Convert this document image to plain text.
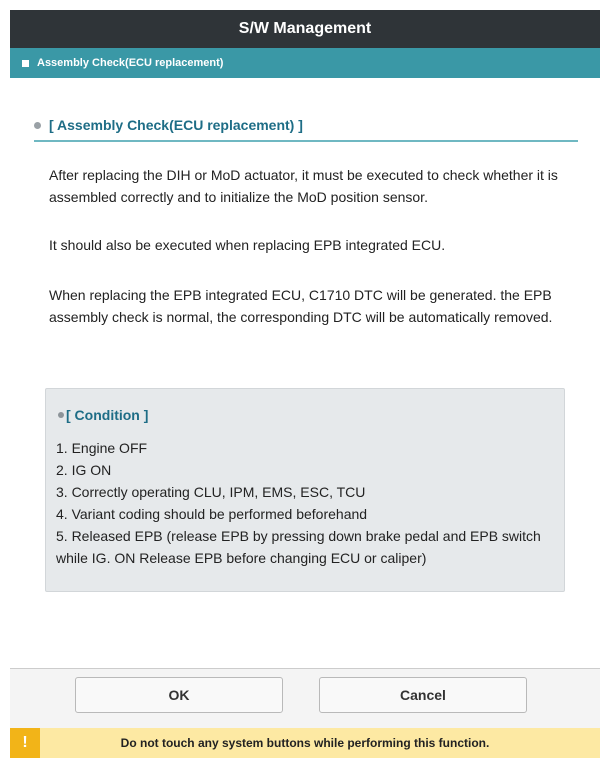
S/W Management
Assembly Check(ECU replacement)
[ Assembly Check(ECU replacement) ]

After replacing the DIH or MoD actuator, it must be executed to check whether it is assembled correctly and to initialize the MoD position sensor.

It should also be executed when replacing EPB integrated ECU.

When replacing the EPB integrated ECU, C1710 DTC will be generated. the EPB assembly check is normal, the corresponding DTC will be automatically removed.

[ Condition ]
1. Engine OFF
2. IG ON
3. Correctly operating CLU, IPM, EMS, ESC, TCU
4. Variant coding should be performed beforehand
5. Released EPB (release EPB by pressing down brake pedal and EPB switch while IG. ON Release EPB before changing ECU or caliper)
OK	Cancel
!	Do not touch any system buttons while performing this function.
